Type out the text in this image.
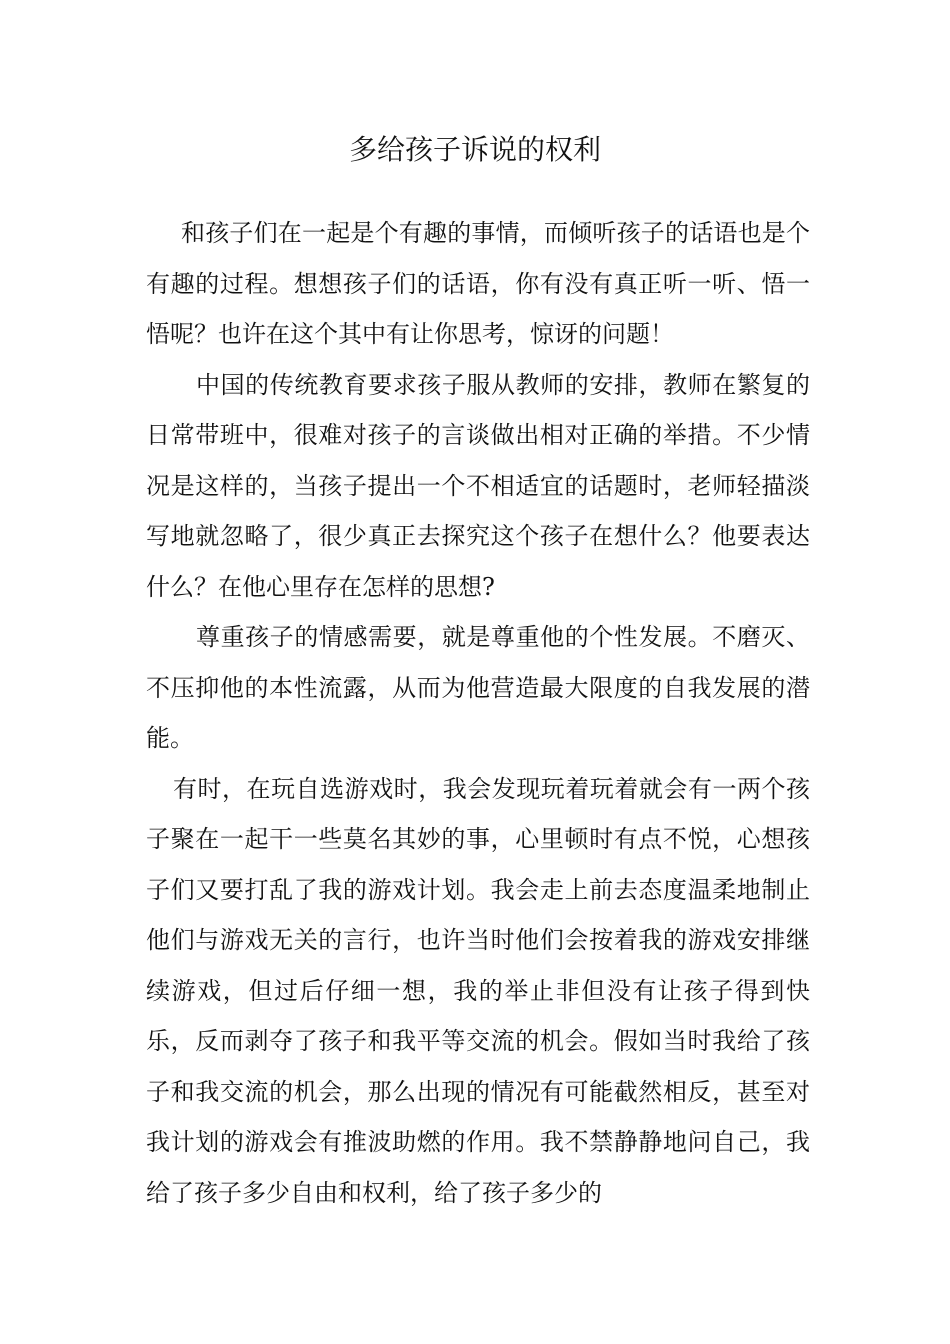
多给孩子诉说的权利

和孩子们在一起是个有趣的事情，而倾听孩子的话语也是个有趣的过程。想想孩子们的话语，你有没有真正听一听、悟一悟呢？也许在这个其中有让你思考，惊讶的问题！

中国的传统教育要求孩子服从教师的安排，教师在繁复的日常带班中，很难对孩子的言谈做出相对正确的举措。不少情况是这样的，当孩子提出一个不相适宜的话题时，老师轻描淡写地就忽略了，很少真正去探究这个孩子在想什么？他要表达什么？在他心里存在怎样的思想?

尊重孩子的情感需要，就是尊重他的个性发展。不磨灭、不压抑他的本性流露，从而为他营造最大限度的自我发展的潜能。

有时，在玩自选游戏时，我会发现玩着玩着就会有一两个孩子聚在一起干一些莫名其妙的事，心里顿时有点不悦，心想孩子们又要打乱了我的游戏计划。我会走上前去态度温柔地制止他们与游戏无关的言行，也许当时他们会按着我的游戏安排继续游戏，但过后仔细一想，我的举止非但没有让孩子得到快乐，反而剥夺了孩子和我平等交流的机会。假如当时我给了孩子和我交流的机会，那么出现的情况有可能截然相反，甚至对我计划的游戏会有推波助燃的作用。我不禁静静地问自己，我给了孩子多少自由和权利，给了孩子多少的
